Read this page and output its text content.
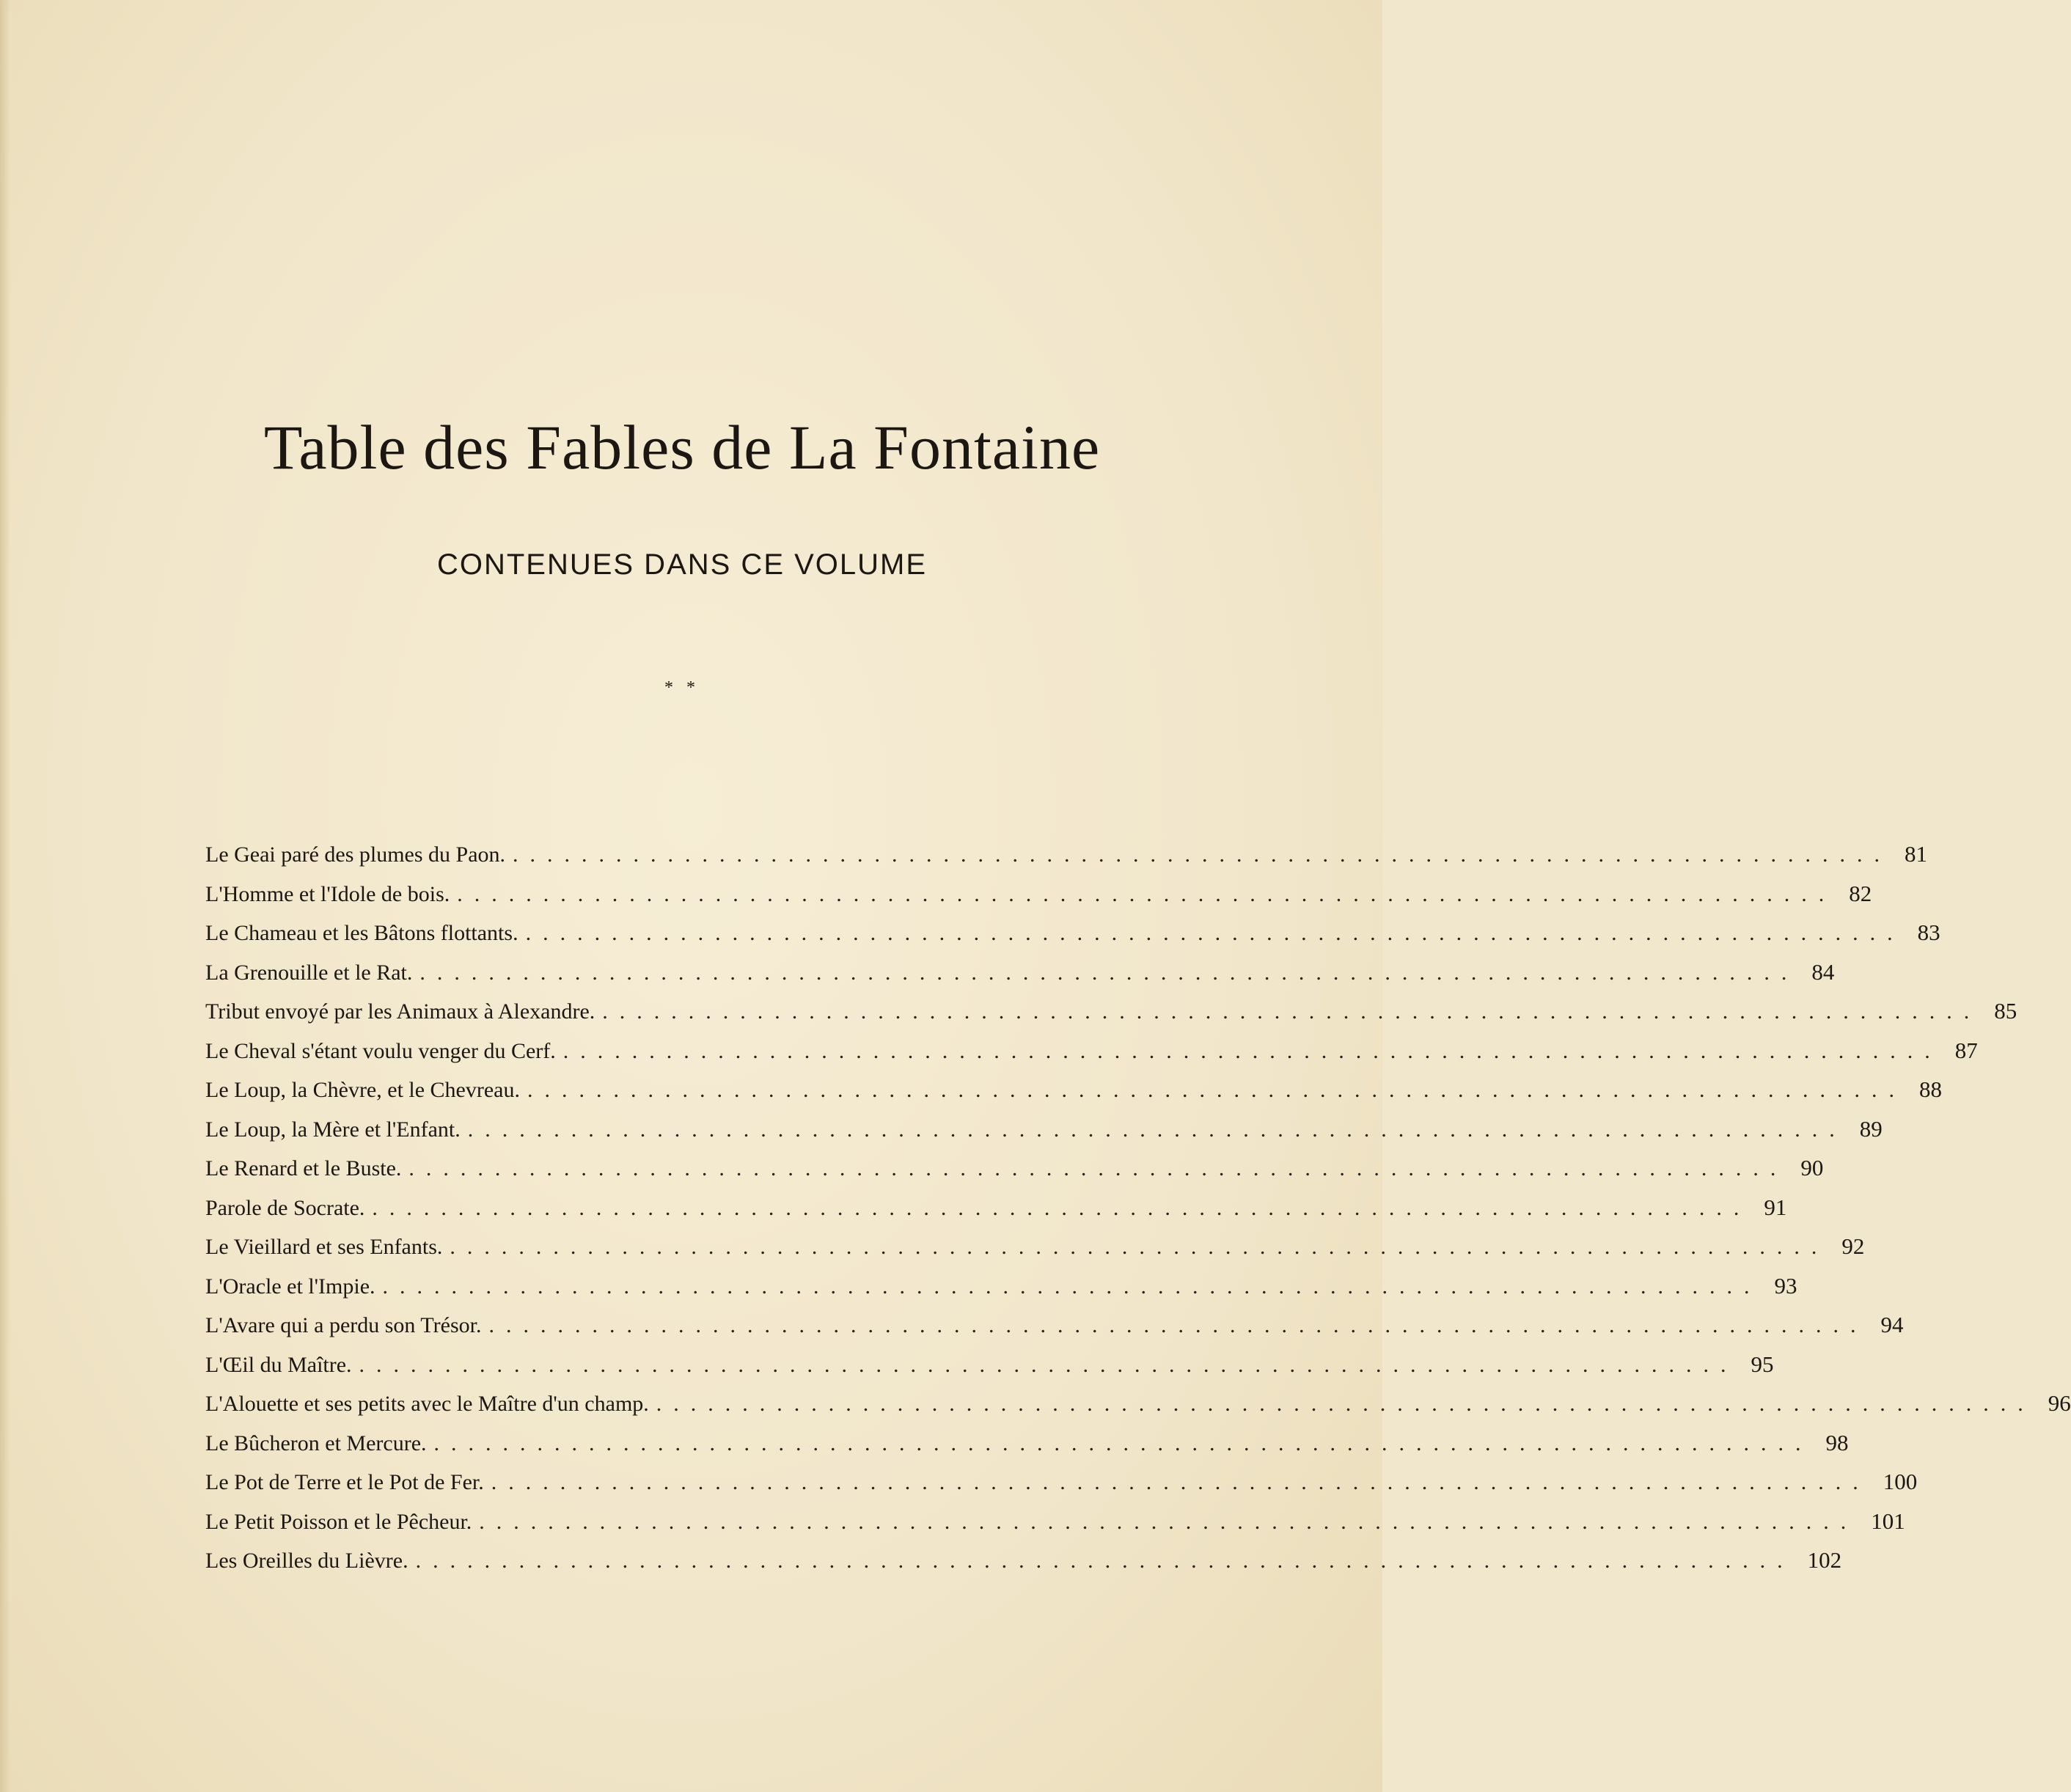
Table des Fables de La Fontaine
CONTENUES DANS CE VOLUME
* *
Le Geai paré des plumes du Paon. ................................................................................ 81
L'Homme et l'Idole de bois. ................................................................................ 82
Le Chameau et les Bâtons flottants. ................................................................................ 83
La Grenouille et le Rat. ................................................................................ 84
Tribut envoyé par les Animaux à Alexandre. ................................................................................ 85
Le Cheval s'étant voulu venger du Cerf. ................................................................................ 87
Le Loup, la Chèvre, et le Chevreau. ................................................................................ 88
Le Loup, la Mère et l'Enfant. ................................................................................ 89
Le Renard et le Buste. ................................................................................ 90
Parole de Socrate. ................................................................................ 91
Le Vieillard et ses Enfants. ................................................................................ 92
L'Oracle et l'Impie. ................................................................................ 93
L'Avare qui a perdu son Trésor. ................................................................................ 94
L'Œil du Maître. ................................................................................ 95
L'Alouette et ses petits avec le Maître d'un champ. ................................................................................ 96
Le Bûcheron et Mercure. ................................................................................ 98
Le Pot de Terre et le Pot de Fer. ................................................................................ 100
Le Petit Poisson et le Pêcheur. ................................................................................ 101
Les Oreilles du Lièvre. ................................................................................ 102
